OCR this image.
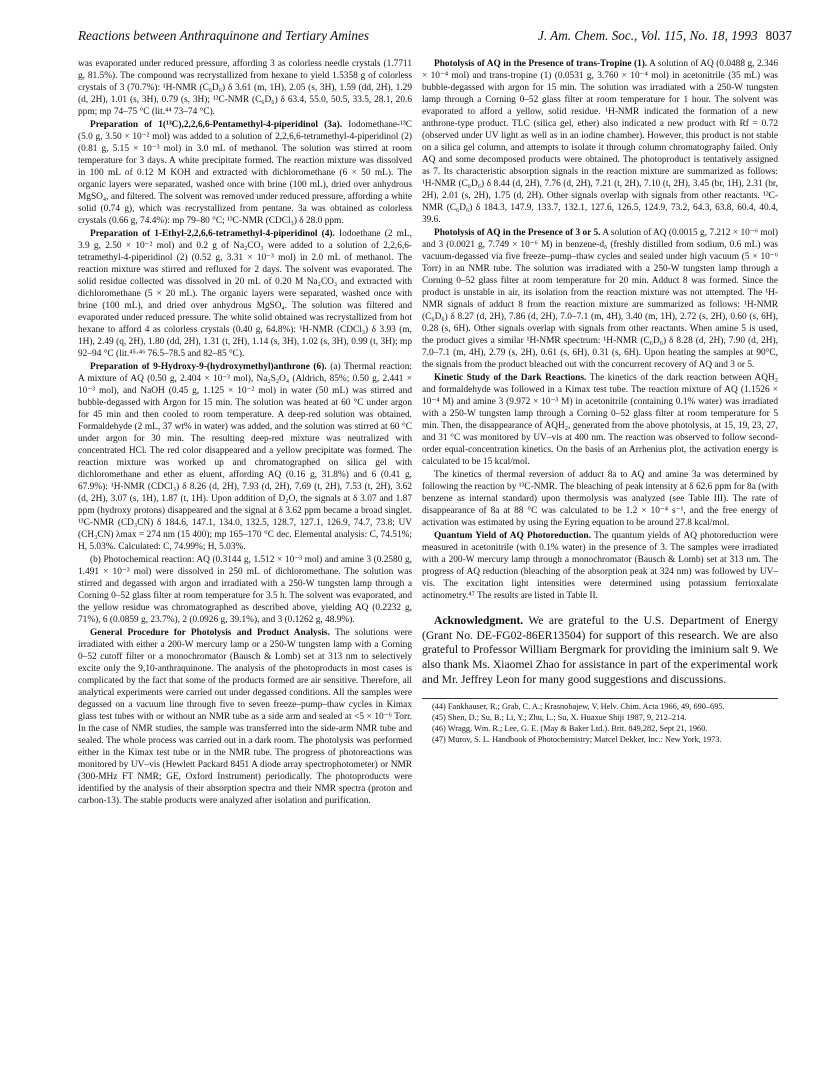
Reactions between Anthraquinone and Tertiary Amines	J. Am. Chem. Soc., Vol. 115, No. 18, 1993 8037

was evaporated under reduced pressure, affording 3 as colorless needle crystals (1.7711 g, 81.5%). The compound was recrystallized from hexane to yield 1.5358 g of colorless crystals of 3 (70.7%): ¹H-NMR (C₆D₆) δ 3.61 (m, 1H), 2.05 (s, 3H), 1.59 (dd, 2H), 1.29 (d, 2H), 1.01 (s, 3H), 0.79 (s, 3H); ¹³C-NMR (C₆D₆) δ 63.4, 55.0, 50.5, 33.5, 28.1, 20.6 ppm; mp 74–75 °C (lit.⁴⁴ 73–74 °C).

Preparation of 1(¹³C),2,2,6,6-Pentamethyl-4-piperidinol (3a). Iodomethane-¹³C (5.0 g, 3.50 × 10⁻² mol) was added to a solution of 2,2,6,6-tetramethyl-4-piperidinol (2) (0.81 g, 5.15 × 10⁻³ mol) in 3.0 mL of methanol. The solution was stirred at room temperature for 3 days. A white precipitate formed. The reaction mixture was dissolved in 100 mL of 0.12 M KOH and extracted with dichloromethane (6 × 50 mL). The organic layers were separated, washed once with brine (100 mL), dried over anhydrous MgSO₄, and filtered. The solvent was removed under reduced pressure, affording a white solid (0.74 g), which was recrystallized from pentane. 3a was obtained as colorless crystals (0.66 g, 74.4%): mp 79–80 °C; ¹³C-NMR (CDCl₃) δ 28.0 ppm.

Preparation of 1-Ethyl-2,2,6,6-tetramethyl-4-piperidinol (4). Iodoethane (2 mL, 3.9 g, 2.50 × 10⁻² mol) and 0.2 g of Na₂CO₃ were added to a solution of 2,2,6,6-tetramethyl-4-piperidinol (2) (0.52 g, 3.31 × 10⁻³ mol) in 2.0 mL of methanol. The reaction mixture was stirred and refluxed for 2 days. The solvent was evaporated. The solid residue collected was dissolved in 20 mL of 0.20 M Na₂CO₃ and extracted with dichloromethane (5 × 20 mL). The organic layers were separated, washed once with brine (100 mL), and dried over anhydrous MgSO₄. The solution was filtered and evaporated under reduced pressure. The white solid obtained was recrystallized from hot hexane to afford 4 as colorless crystals (0.40 g, 64.8%): ¹H-NMR (CDCl₃) δ 3.93 (m, 1H), 2.49 (q, 2H), 1.80 (dd, 2H), 1.31 (t, 2H), 1.14 (s, 3H), 1.02 (s, 3H), 0.99 (t, 3H); mp 92–94 °C (lit.⁴⁵·⁴⁶ 76.5–78.5 and 82–85 °C).

Preparation of 9-Hydroxy-9-(hydroxymethyl)anthrone (6). (a) Thermal reaction: A mixture of AQ (0.50 g, 2.404 × 10⁻³ mol), Na₂S₂O₄ (Aldrich, 85%; 0.50 g, 2.441 × 10⁻³ mol), and NaOH (0.45 g, 1.125 × 10⁻² mol) in water (50 mL) was stirred and bubble-degassed with Argon for 15 min. The solution was heated at 60 °C under argon for 45 min and then cooled to room temperature. A deep-red solution was obtained. Formaldehyde (2 mL, 37 wt% in water) was added, and the solution was stirred at 60 °C under argon for 30 min. The resulting deep-red mixture was neutralized with concentrated HCl. The red color disappeared and a yellow precipitate was formed. The reaction mixture was worked up and chromatographed on silica gel with dichloromethane and ether as eluent, affording AQ (0.16 g, 31.8%) and 6 (0.41 g, 67.9%): ¹H-NMR (CDCl₃) δ 8.26 (d, 2H), 7.93 (d, 2H), 7.69 (t, 2H), 7.53 (t, 2H), 3.62 (d, 2H), 3.07 (s, 1H), 1.87 (t, 1H). Upon addition of D₂O, the signals at δ 3.07 and 1.87 ppm (hydroxy protons) disappeared and the signal at δ 3.62 ppm became a broad singlet. ¹³C-NMR (CD₃CN) δ 184.6, 147.1, 134.0, 132.5, 128.7, 127.1, 126.9, 74.7, 73.8; UV (CH₃CN) λmax = 274 nm (15 400); mp 165–170 °C dec. Elemental analysis: C, 74.51%; H, 5.03%. Calculated: C, 74.99%; H, 5.03%.

(b) Photochemical reaction: AQ (0.3144 g, 1.512 × 10⁻³ mol) and amine 3 (0.2580 g, 1.491 × 10⁻³ mol) were dissolved in 250 mL of dichloromethane. The solution was stirred and degassed with argon and irradiated with a 250-W tungsten lamp through a Corning 0–52 glass filter at room temperature for 3.5 h. The solvent was evaporated, and the yellow residue was chromatographed as described above, yielding AQ (0.2232 g, 71%), 6 (0.0859 g, 23.7%), 2 (0.0926 g, 39.1%), and 3 (0.1262 g, 48.9%).

General Procedure for Photolysis and Product Analysis. The solutions were irradiated with either a 200-W mercury lamp or a 250-W tungsten lamp with a Corning 0–52 cutoff filter or a monochromator (Bausch & Lomb) set at 313 nm to selectively excite only the 9,10-anthraquinone. The analysis of the photoproducts in most cases is complicated by the fact that some of the products formed are air sensitive. Therefore, all analytical experiments were carried out under degassed conditions. All the samples were degassed on a vacuum line through five to seven freeze–pump–thaw cycles in Kimax glass test tubes with or without an NMR tube as a side arm and sealed at <5 × 10⁻⁶ Torr. In the case of NMR studies, the sample was transferred into the side-arm NMR tube and sealed. The whole process was carried out in a dark room. The photolysis was performed either in the Kimax test tube or in the NMR tube. The progress of photoreactions was monitored by UV–vis (Hewlett Packard 8451 A diode array spectrophotometer) or NMR (300-MHz FT NMR; GE, Oxford Instrument) periodically. The photoproducts were identified by the analysis of their absorption spectra and their NMR spectra (proton and carbon-13). The stable products were analyzed after isolation and purification.

Photolysis of AQ in the Presence of trans-Tropine (1). A solution of AQ (0.0488 g, 2.346 × 10⁻⁴ mol) and trans-tropine (1) (0.0531 g, 3.760 × 10⁻⁴ mol) in acetonitrile (35 mL) was bubble-degassed with argon for 15 min. The solution was irradiated with a 250-W tungsten lamp through a Corning 0–52 glass filter at room temperature for 1 hour. The solvent was evaporated to afford a yellow, solid residue. ¹H-NMR indicated the formation of a new anthrone-type product. TLC (silica gel, ether) also indicated a new product with Rf = 0.72 (observed under UV light as well as in an iodine chamber). However, this product is not stable on a silica gel column, and attempts to isolate it through column chromatography failed. Only AQ and some decomposed products were obtained. The photoproduct is tentatively assigned as 7. Its characteristic absorption signals in the reaction mixture are summarized as follows: ¹H-NMR (C₆D₆) δ 8.44 (d, 2H), 7.76 (d, 2H), 7.21 (t, 2H), 7.10 (t, 2H), 3.45 (br, 1H), 2.31 (br, 2H), 2.01 (s, 2H), 1.75 (d, 2H). Other signals overlap with signals from other reactants. ¹³C-NMR (C₆D₆) δ 184.3, 147.9, 133.7, 132.1, 127.6, 126.5, 124.9, 73.2, 64.3, 63.8, 60.4, 40.4, 39.6.

Photolysis of AQ in the Presence of 3 or 5. A solution of AQ (0.0015 g, 7.212 × 10⁻⁶ mol) and 3 (0.0021 g, 7.749 × 10⁻⁶ M) in benzene-d₆ (freshly distilled from sodium, 0.6 mL) was vacuum-degassed via five freeze–pump–thaw cycles and sealed under high vacuum (5 × 10⁻⁶ Torr) in an NMR tube. The solution was irradiated with a 250-W tungsten lamp through a Corning 0–52 glass filter at room temperature for 20 min. Adduct 8 was formed. Since the product is unstable in air, its isolation from the reaction mixture was not attempted. The ¹H-NMR signals of adduct 8 from the reaction mixture are summarized as follows: ¹H-NMR (C₆D₆) δ 8.27 (d, 2H), 7.86 (d, 2H), 7.0–7.1 (m, 4H), 3.40 (m, 1H), 2.72 (s, 2H), 0.60 (s, 6H), 0.28 (s, 6H). Other signals overlap with signals from other reactants. When amine 5 is used, the product gives a similar ¹H-NMR spectrum: ¹H-NMR (C₆D₆) δ 8.28 (d, 2H), 7.90 (d, 2H), 7.0–7.1 (m, 4H), 2.79 (s, 2H), 0.61 (s, 6H), 0.31 (s, 6H). Upon heating the samples at 90°C, the signals from the product bleached out with the concurrent recovery of AQ and 3 or 5.

Kinetic Study of the Dark Reactions. The kinetics of the dark reaction between AQH₂ and formaldehyde was followed in a Kimax test tube. The reaction mixture of AQ (1.1526 × 10⁻⁴ M) and amine 3 (9.972 × 10⁻³ M) in acetonitrile (containing 0.1% water) was irradiated with a 250-W tungsten lamp through a Corning 0–52 glass filter at room temperature for 5 min. Then, the disappearance of AQH₂, generated from the above photolysis, at 15, 19, 23, 27, and 31 °C was monitored by UV–vis at 400 nm. The reaction was observed to follow second-order equal-concentration kinetics. On the basis of an Arrhenius plot, the activation energy is calculated to be 15 kcal/mol.

The kinetics of thermal reversion of adduct 8a to AQ and amine 3a was determined by following the reaction by ¹³C-NMR. The bleaching of peak intensity at δ 62.6 ppm for 8a (with benzene as internal standard) upon thermolysis was analyzed (see Table III). The rate of disappearance of 8a at 88 °C was calculated to be 1.2 × 10⁻⁴ s⁻¹, and the free energy of activation was estimated by using the Eyring equation to be around 27.8 kcal/mol.

Quantum Yield of AQ Photoreduction. The quantum yields of AQ photoreduction were measured in acetonitrile (with 0.1% water) in the presence of 3. The samples were irradiated with a 200-W mercury lamp through a monochromator (Bausch & Lomb) set at 313 nm. The progress of AQ reduction (bleaching of the absorption peak at 324 nm) was followed by UV–vis. The excitation light intensities were determined using potassium ferrioxalate actinometry.⁴⁷ The results are listed in Table II.

Acknowledgment. We are grateful to the U.S. Department of Energy (Grant No. DE-FG02-86ER13504) for support of this research. We are also grateful to Professor William Bergmark for providing the iminium salt 9. We also thank Ms. Xiaomei Zhao for assistance in part of the experimental work and Mr. Jeffrey Leon for many good suggestions and discussions.

(44) Fankhauser, R.; Grab, C. A.; Krasnobajew, V. Helv. Chim. Acta 1966, 49, 690–695.

(45) Shen, D.; Su, B.; Li, Y.; Zhu, L.; Su, X. Huaxue Shiji 1987, 9, 212–214.

(46) Wragg, Wm. R.; Lee, G. E. (May & Baker Ltd.). Brit. 849,282, Sept 21, 1960.

(47) Murov, S. L. Handbook of Photochemistry; Marcel Dekker, Inc.: New York, 1973.
